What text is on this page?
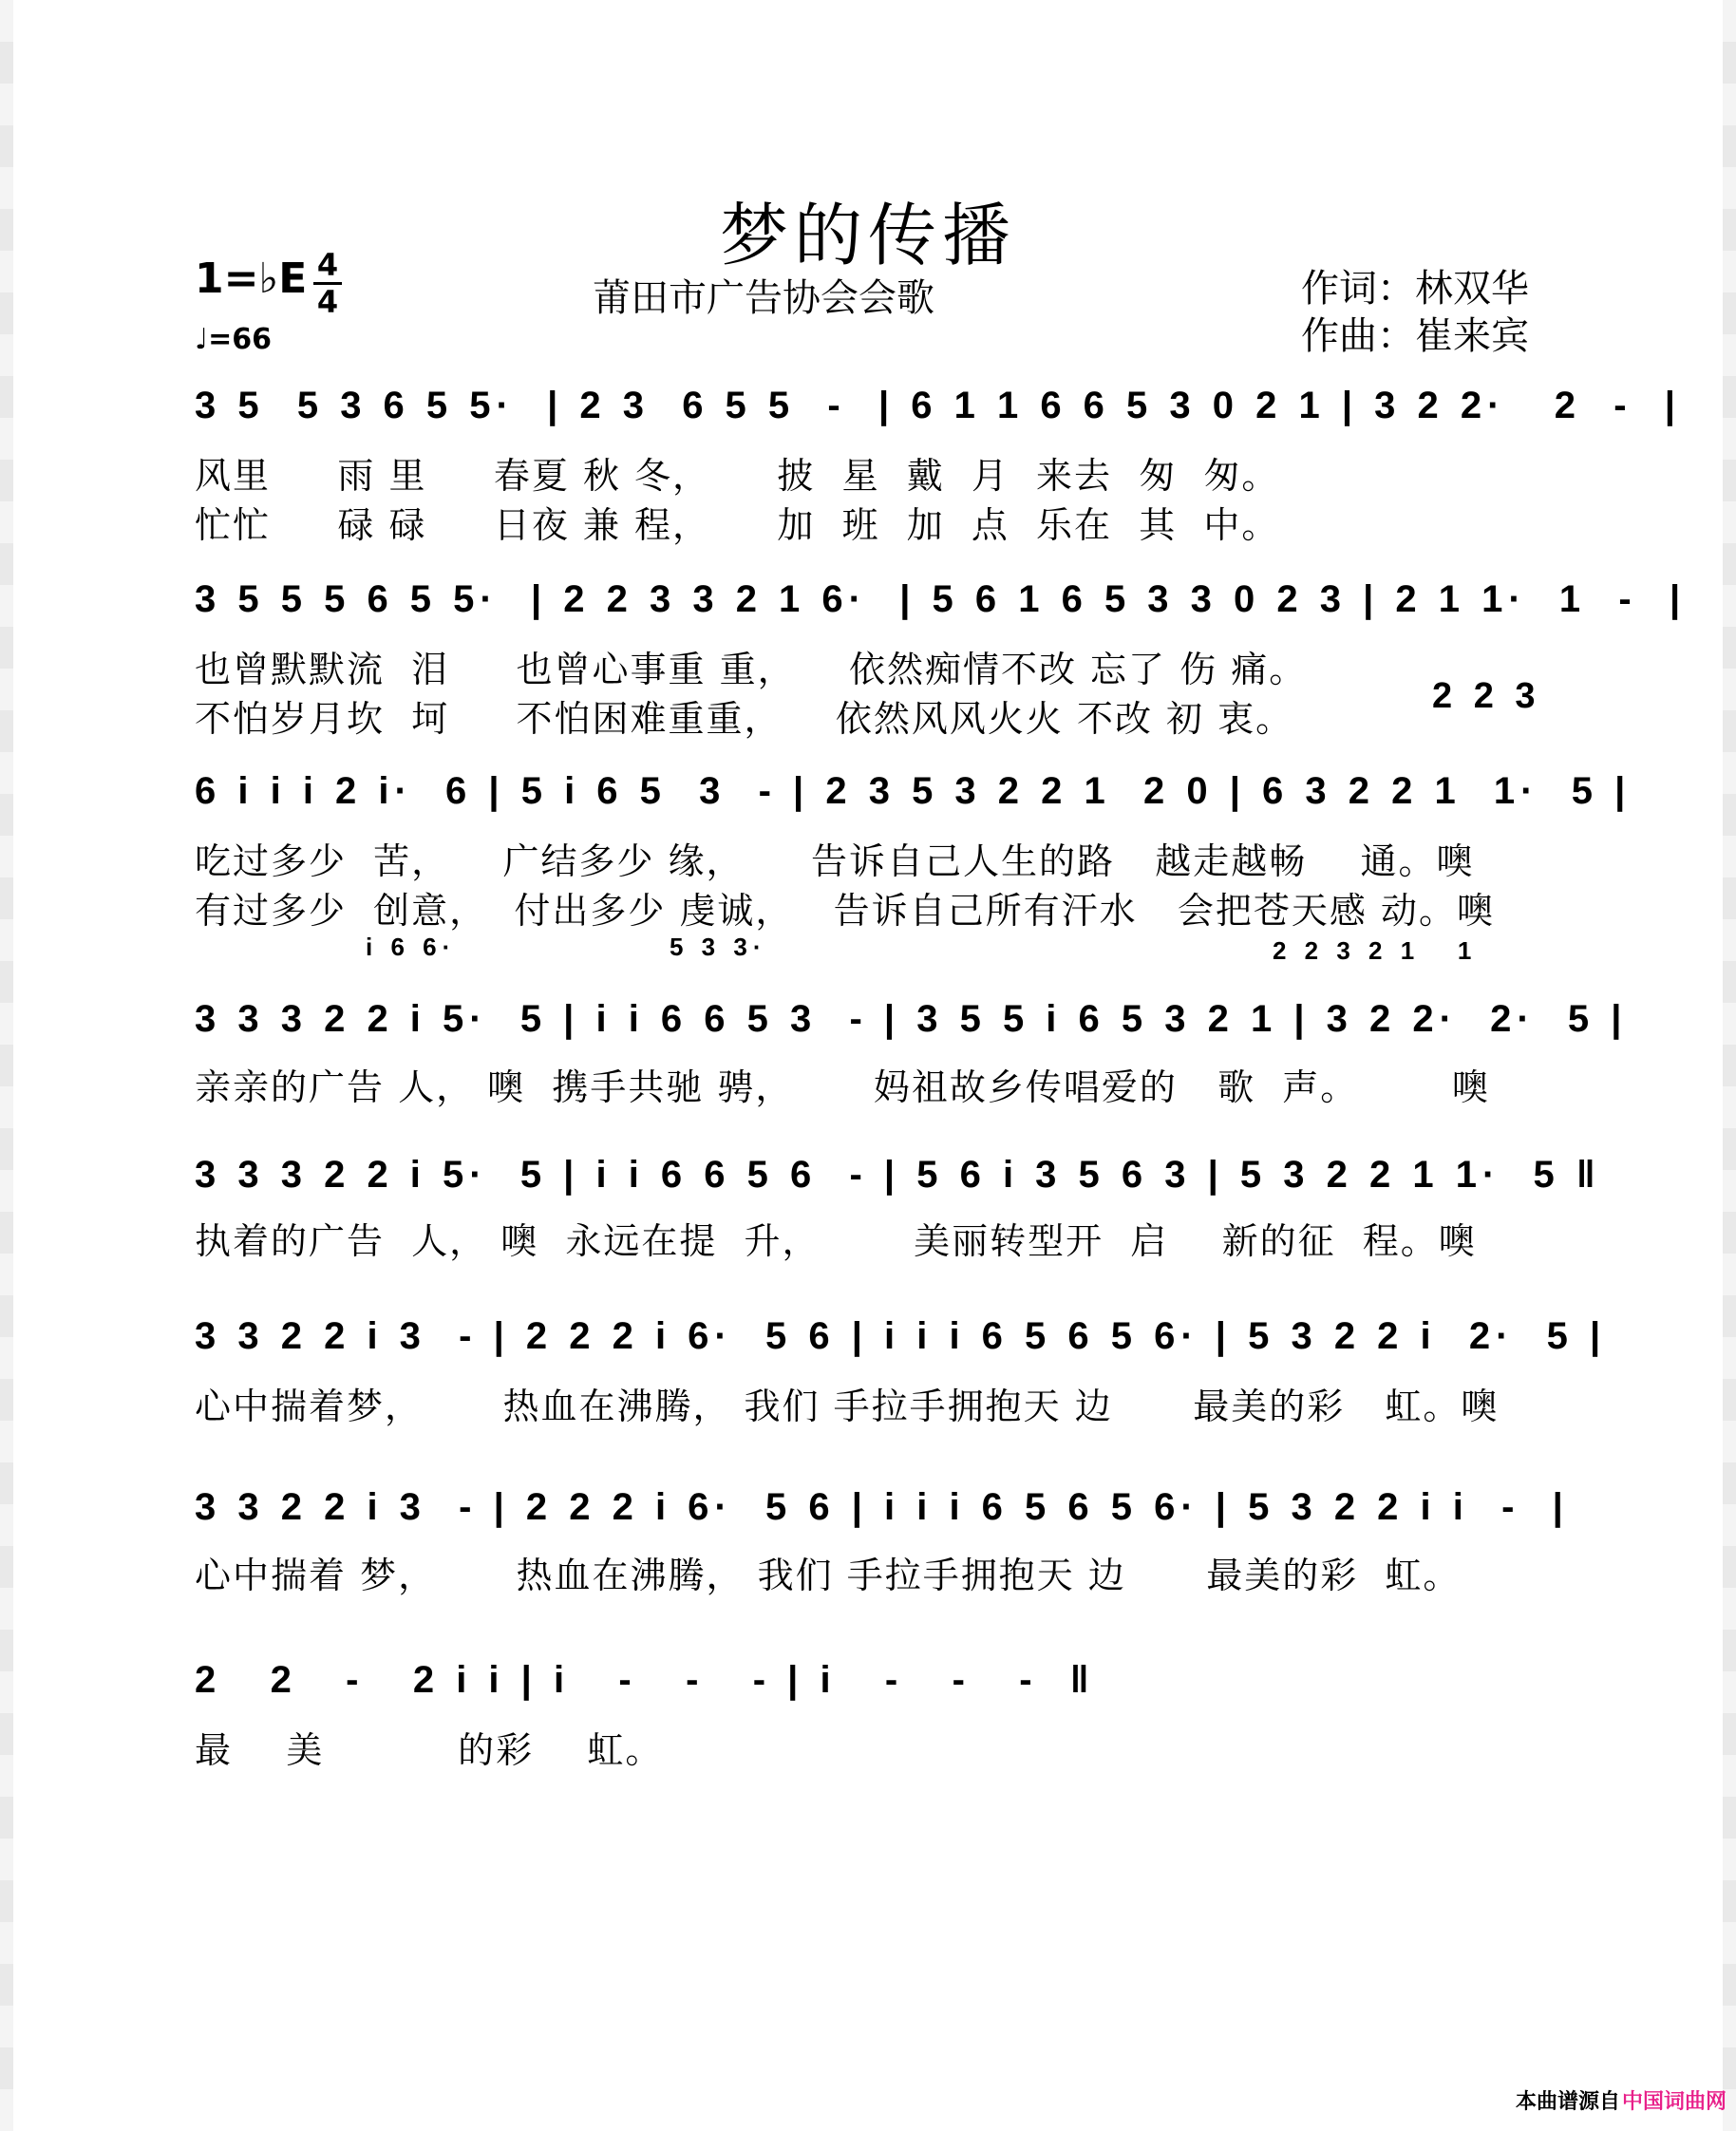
梦的传播
莆田市广告协会会歌	作词：林双华
作曲：崔来宾
1=♭E 4
4
♩=66
3 5  5 3 6 5 5·  | 2 3  6 5 5  -  | 6 1 1 6 6 5 3 0 2 1 | 3 2 2·   2  -  |
风里     雨 里     春夏 秋 冬，     披  星  戴  月  来去  匆  匆。
忙忙     碌 碌     日夜 兼 程，     加  班  加  点  乐在  其  中。
3 5 5 5 6 5 5·  | 2 2 3 3 2 1 6·  | 5 6 1 6 5 3 3 0 2 3 | 2 1 1·  1  -  |
也曾默默流  泪     也曾心事重 重，    依然痴情不改 忘了 伤 痛。
不怕岁月坎  坷     不怕困难重重，    依然风风火火 不改 初 衷。
2 2 3
6 i i i 2 i·  6 | 5 i 6 5  3  - | 2 3 5 3 2 2 1  2 0 | 6 3 2 2 1  1·  5 |
吃过多少  苦，    广结多少 缘，     告诉自己人生的路   越走越畅    通。噢
有过多少  创意，  付出多少 虔诚，   告诉自己所有汗水   会把苍天感 动。噢
i 6 6·	5 3 3·	2 2 3 2 1   1
3 3 3 2 2 i 5·  5 | i i 6 6 5 3  - | 3 5 5 i 6 5 3 2 1 | 3 2 2·  2·  5 |
亲亲的广告 人， 噢  携手共驰 骋，      妈祖故乡传唱爱的   歌  声。       噢
3 3 3 2 2 i 5·  5 | i i 6 6 5 6  - | 5 6 i 3 5 6 3 | 5 3 2 2 1 1·  5 ‖
执着的广告  人， 噢  永远在提  升，       美丽转型开  启    新的征  程。噢
3 3 2 2 i 3  - | 2 2 2 i 6·  5 6 | i i i 6 5 6 5 6· | 5 3 2 2 i  2·  5 |
心中揣着梦，      热血在沸腾， 我们 手拉手拥抱天 边      最美的彩   虹。噢
3 3 2 2 i 3  - | 2 2 2 i 6·  5 6 | i i i 6 5 6 5 6· | 5 3 2 2 i i  -  |
心中揣着 梦，      热血在沸腾， 我们 手拉手拥抱天 边      最美的彩  虹。
2   2   -   2 i i | i   -   -   - | i   -   -   -  ‖
最    美          的彩    虹。
本曲谱源自 中国词曲网
